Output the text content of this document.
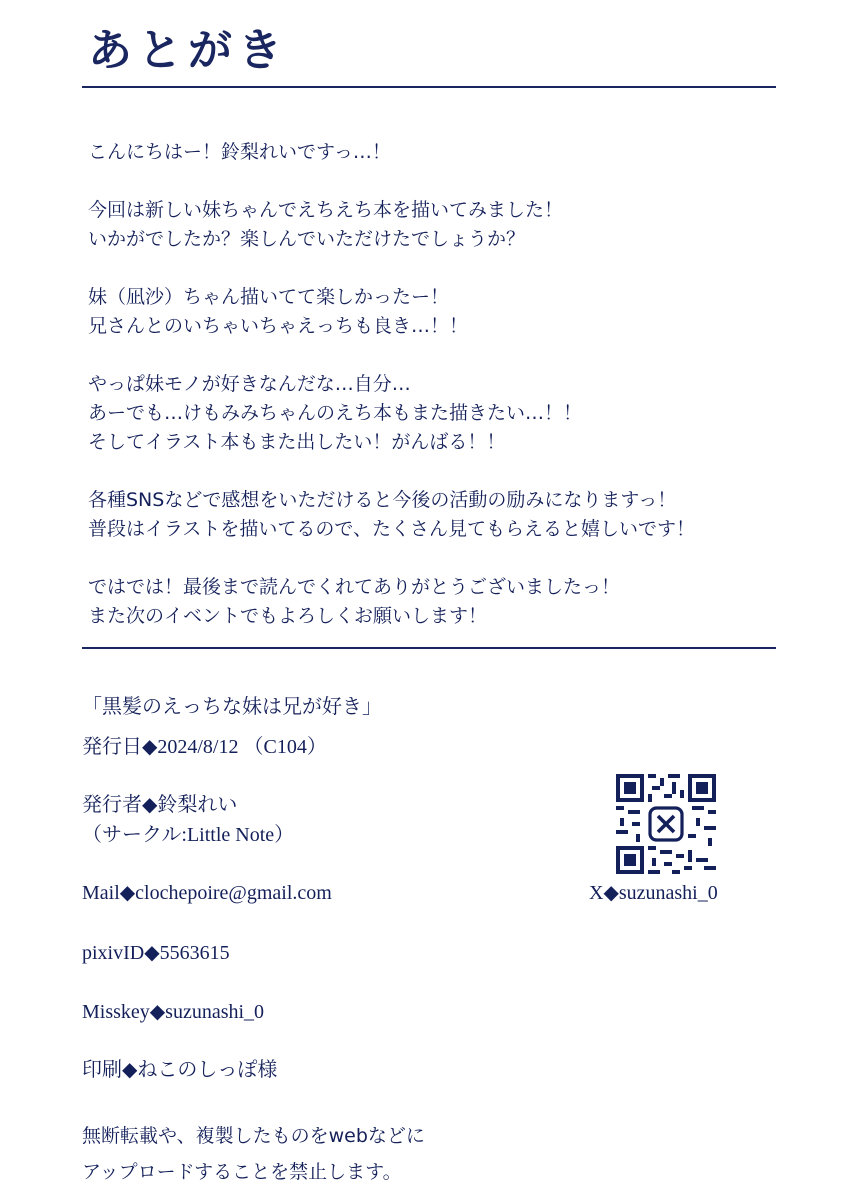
あとがき
こんにちはー！鈴梨れいですっ…！
今回は新しい妹ちゃんでえちえち本を描いてみました！
いかがでしたか？楽しんでいただけたでしょうか？
妹（凪沙）ちゃん描いてて楽しかったー！
兄さんとのいちゃいちゃえっちも良き…！！
やっぱ妹モノが好きなんだな…自分…
あーでも…けもみみちゃんのえち本もまた描きたい…！！
そしてイラスト本もまた出したい！がんばる！！
各種SNSなどで感想をいただけると今後の活動の励みになりますっ！
普段はイラストを描いてるので、たくさん見てもらえると嬉しいです！
ではでは！最後まで読んでくれてありがとうございましたっ！
また次のイベントでもよろしくお願いします！
「黒髪のえっちな妹は兄が好き」
発行日◆2024/8/12 （C104）
発行者◆鈴梨れい
（サークル:Little Note）
Mail◆clochepoire@gmail.com
pixivID◆5563615
Misskey◆suzunashi_0
印刷◆ねこのしっぽ様
X◆suzunashi_0
無断転載や、複製したものをwebなどに
アップロードすることを禁止します。
